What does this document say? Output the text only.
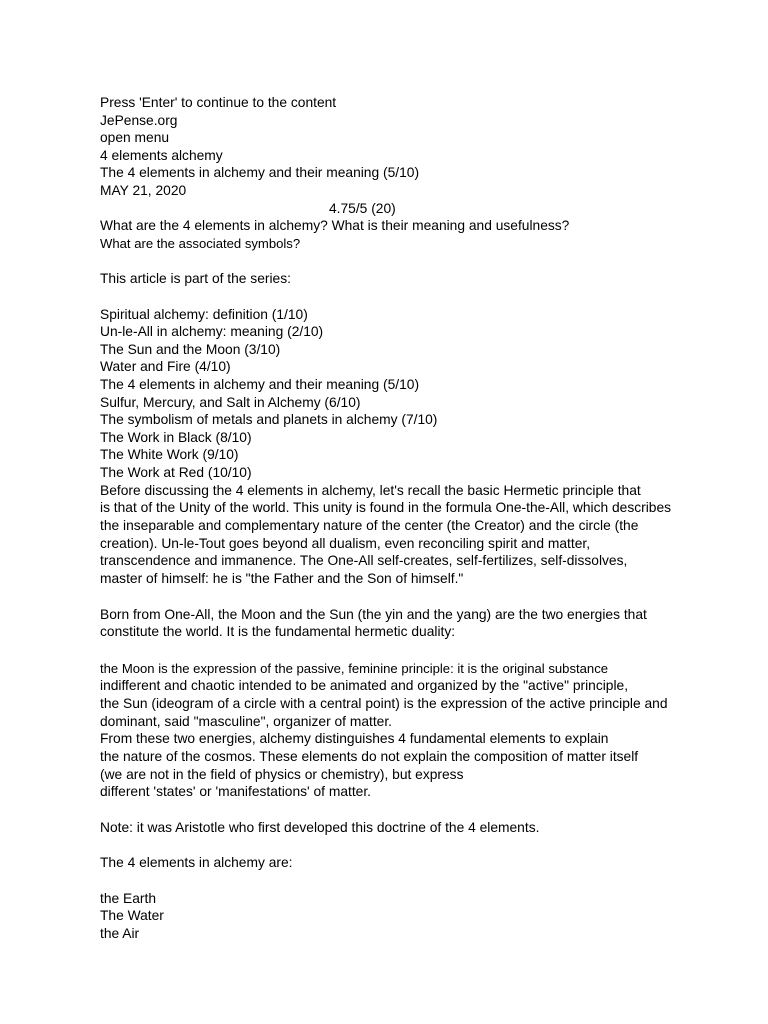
Press 'Enter' to continue to the content
JePense.org
open menu
4 elements alchemy
The 4 elements in alchemy and their meaning (5/10)
MAY 21, 2020
4.75/5 (20)
What are the 4 elements in alchemy? What is their meaning and usefulness?
What are the associated symbols?
This article is part of the series:
Spiritual alchemy: definition (1/10)
Un-le-All in alchemy: meaning (2/10)
The Sun and the Moon (3/10)
Water and Fire (4/10)
The 4 elements in alchemy and their meaning (5/10)
Sulfur, Mercury, and Salt in Alchemy (6/10)
The symbolism of metals and planets in alchemy (7/10)
The Work in Black (8/10)
The White Work (9/10)
The Work at Red (10/10)
Before discussing the 4 elements in alchemy, let's recall the basic Hermetic principle that
is that of the Unity of the world. This unity is found in the formula One-the-All, which describes
the inseparable and complementary nature of the center (the Creator) and the circle (the
creation). Un-le-Tout goes beyond all dualism, even reconciling spirit and matter,
transcendence and immanence. The One-All self-creates, self-fertilizes, self-dissolves,
master of himself: he is "the Father and the Son of himself."
Born from One-All, the Moon and the Sun (the yin and the yang) are the two energies that
constitute the world. It is the fundamental hermetic duality:
the Moon is the expression of the passive, feminine principle: it is the original substance
indifferent and chaotic intended to be animated and organized by the "active" principle,
the Sun (ideogram of a circle with a central point) is the expression of the active principle and
dominant, said "masculine", organizer of matter.
From these two energies, alchemy distinguishes 4 fundamental elements to explain
the nature of the cosmos. These elements do not explain the composition of matter itself
(we are not in the field of physics or chemistry), but express
different 'states' or 'manifestations' of matter.
Note: it was Aristotle who first developed this doctrine of the 4 elements.
The 4 elements in alchemy are:
the Earth
The Water
the Air
